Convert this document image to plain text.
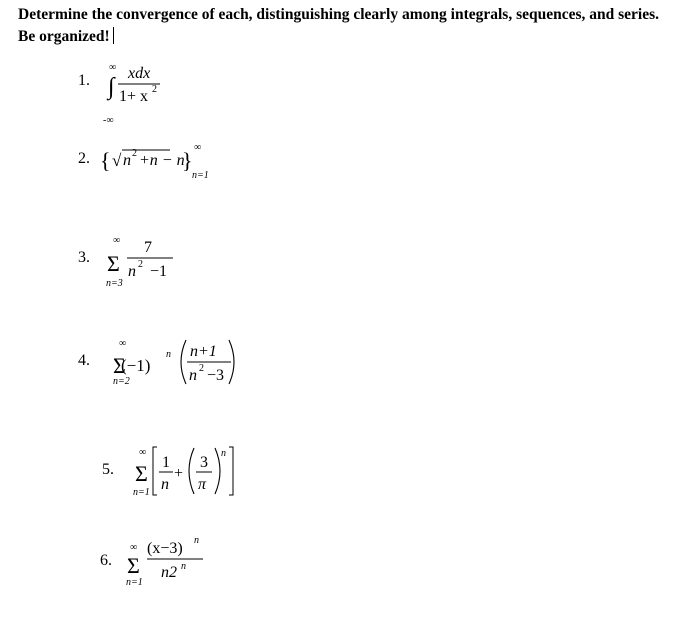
Determine the convergence of each, distinguishing clearly among integrals, sequences, and series. Be organized!
1.
∞
∫
-∞
xdx
1+ x 2
2. { √ n 2 +n − n
}
∞
n=1
3.
∞
Σ
n=3
7
n 2 −1
4.
∞
Σ
n=2
(−1)
n n+1
n 2 −3
5.
∞
Σ
n=1
1
n
+
3
π
n
6.
∞
Σ
n=1
(x−3) n
n2 n
